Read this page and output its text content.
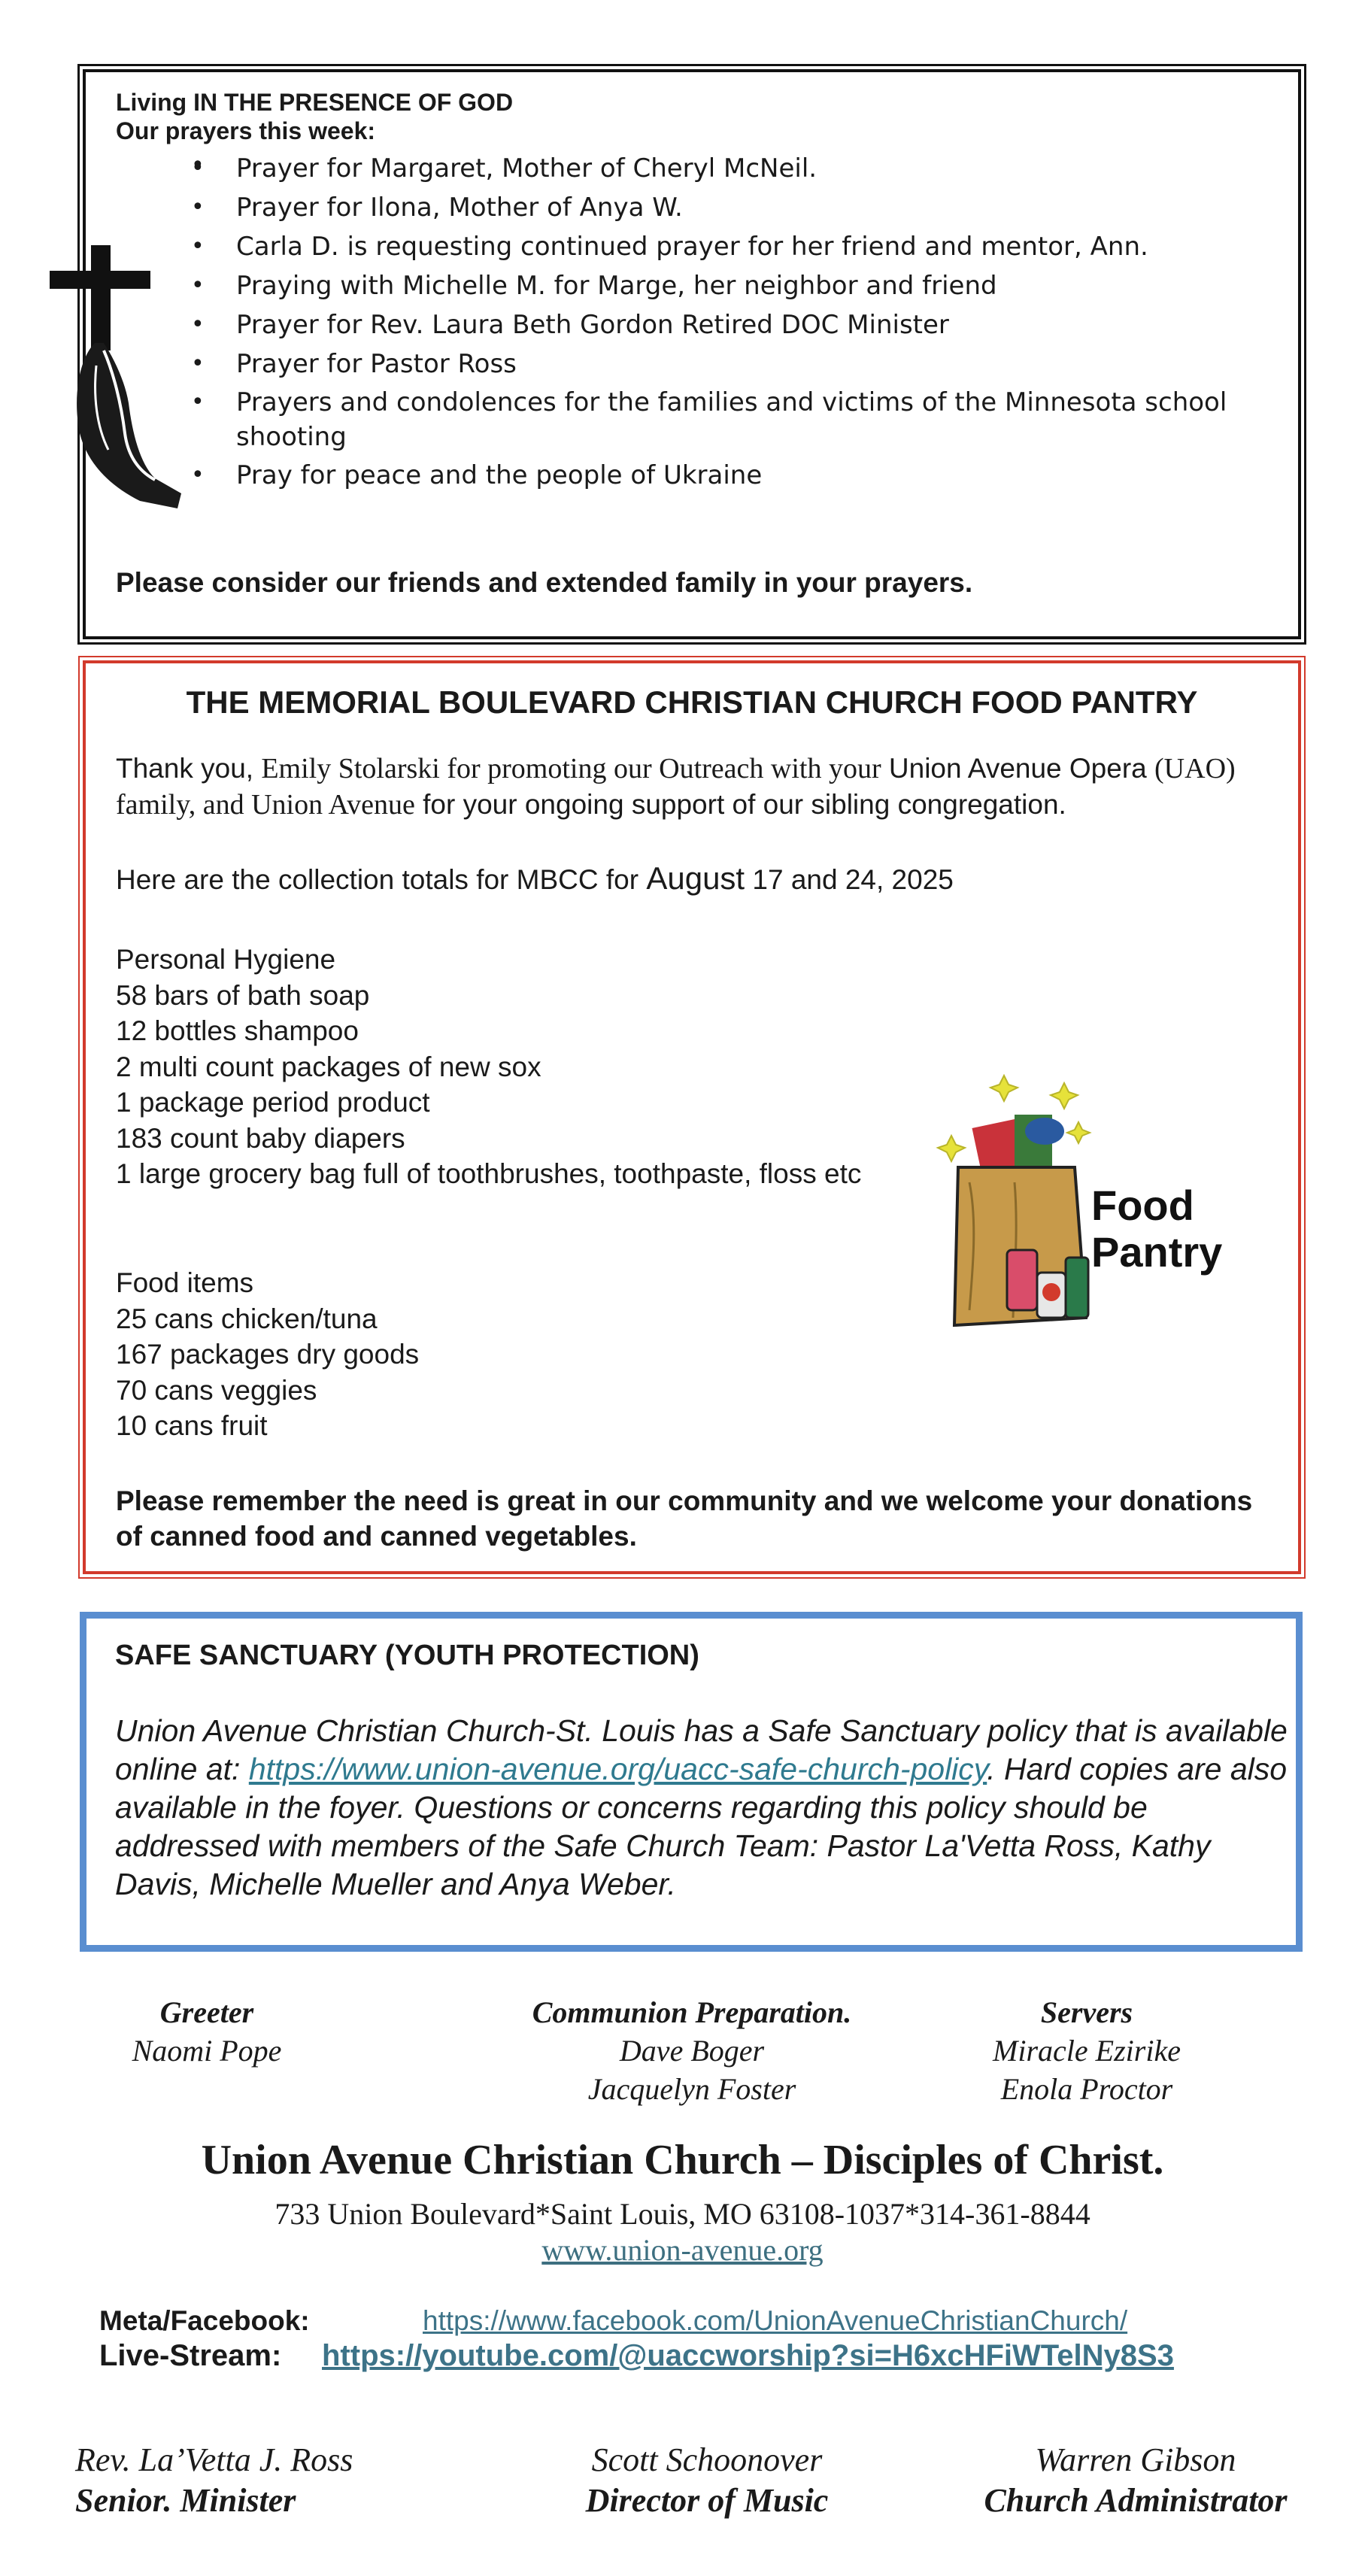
Living IN THE PRESENCE OF GOD
Our prayers this week:
• Prayer for Margaret, Mother of Cheryl McNeil.
• Prayer for Ilona, Mother of Anya W.
• Carla D. is requesting continued prayer for her friend and mentor, Ann.
• Praying with Michelle M. for Marge, her neighbor and friend
• Prayer for Rev. Laura Beth Gordon Retired DOC Minister
• Prayer for Pastor Ross
• Prayers and condolences for the families and victims of the Minnesota school shooting
• Pray for peace and the people of Ukraine
Please consider our friends and extended family in your prayers.
THE MEMORIAL BOULEVARD CHRISTIAN CHURCH FOOD PANTRY
Thank you, Emily Stolarski for promoting our Outreach with your Union Avenue Opera (UAO) family, and Union Avenue for your ongoing support of our sibling congregation.
Here are the collection totals for MBCC for August 17 and 24, 2025
Personal Hygiene
58 bars of bath soap
12 bottles shampoo
2 multi count packages of new sox
1 package period product
183 count baby diapers
1 large grocery bag full of toothbrushes, toothpaste, floss etc
Food items
25 cans chicken/tuna
167 packages dry goods
70 cans veggies
10 cans fruit
Food
Pantry
Please remember the need is great in our community and we welcome your donations of canned food and canned vegetables.
SAFE SANCTUARY (YOUTH PROTECTION)
Union Avenue Christian Church-St. Louis has a Safe Sanctuary policy that is available online at: https://www.union-avenue.org/uacc-safe-church-policy. Hard copies are also available in the foyer. Questions or concerns regarding this policy should be addressed with members of the Safe Church Team: Pastor La'Vetta Ross, Kathy Davis, Michelle Mueller and Anya Weber.
Greeter
Naomi Pope
Communion Preparation.
Dave Boger
Jacquelyn Foster
Servers
Miracle Ezirike
Enola Proctor
Union Avenue Christian Church – Disciples of Christ.
733 Union Boulevard*Saint Louis, MO 63108-1037*314-361-8844
www.union-avenue.org
Meta/Facebook:	https://www.facebook.com/UnionAvenueChristianChurch/
Live-Stream: https://youtube.com/@uaccworship?si=H6xcHFiWTelNy8S3
Rev. La’Vetta J. Ross
Senior. Minister
Scott Schoonover
Director of Music
Warren Gibson
Church Administrator
